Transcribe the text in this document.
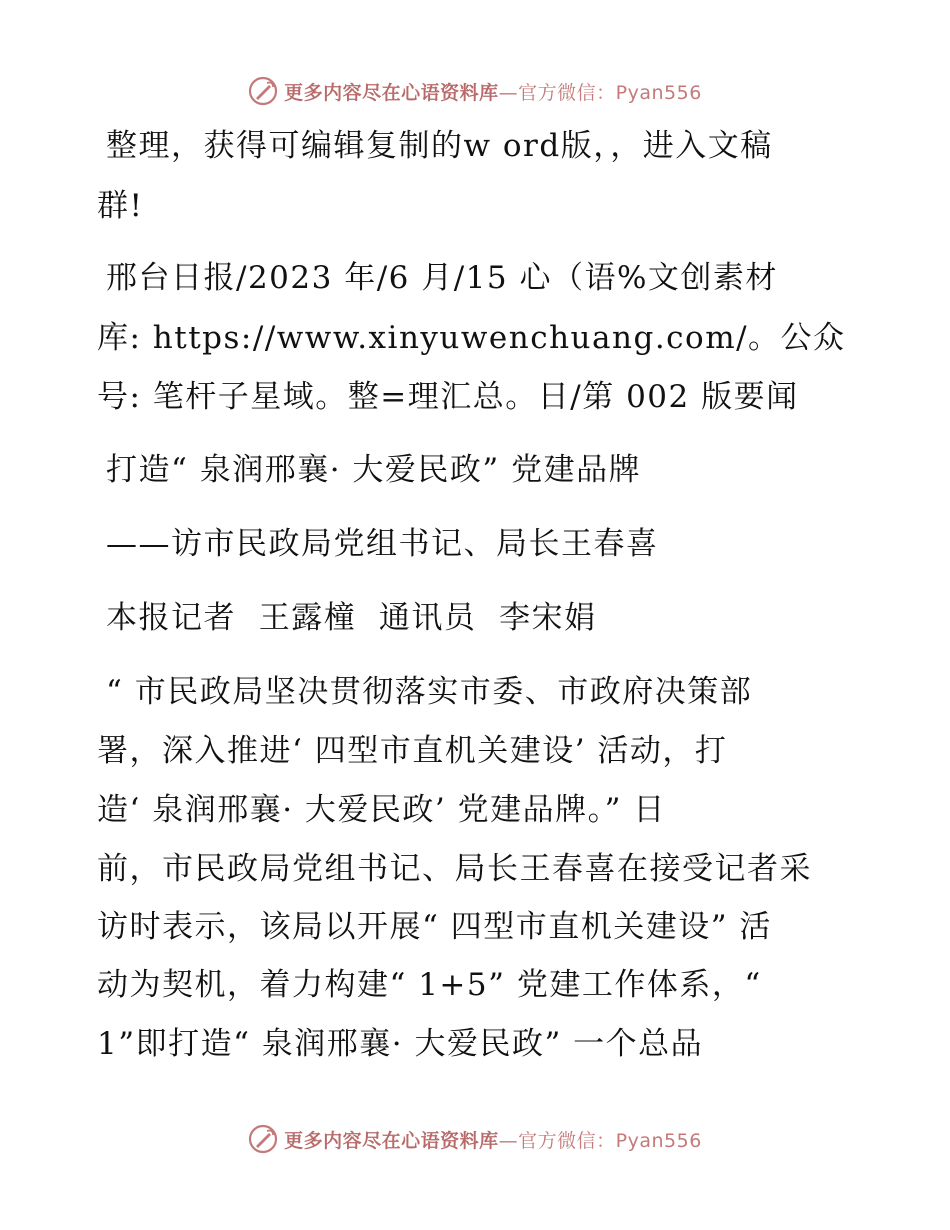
更多内容尽在心语资料库—官方微信：Pyan556
整理，获得可编辑复制的w ord版，，进入文稿
群!
邢台日报/2023 年/6 月/15 心（语%文创素材
库: https://www.xinyuwenchuang.com/。公众
号: 笔杆子星域。整=理汇总。日/第 002 版要闻
打造“ 泉润邢襄· 大爱民政” 党建品牌
——访市民政局党组书记、局长王春喜
本报记者  王露橦  通讯员  李宋娟
“ 市民政局坚决贯彻落实市委、市政府决策部
署，深入推进‘ 四型市直机关建设’ 活动，打
造‘ 泉润邢襄· 大爱民政’ 党建品牌。” 日
前，市民政局党组书记、局长王春喜在接受记者采
访时表示，该局以开展“ 四型市直机关建设” 活
动为契机，着力构建“ 1+5” 党建工作体系，“
1”即打造“ 泉润邢襄· 大爱民政” 一个总品
更多内容尽在心语资料库—官方微信：Pyan556
